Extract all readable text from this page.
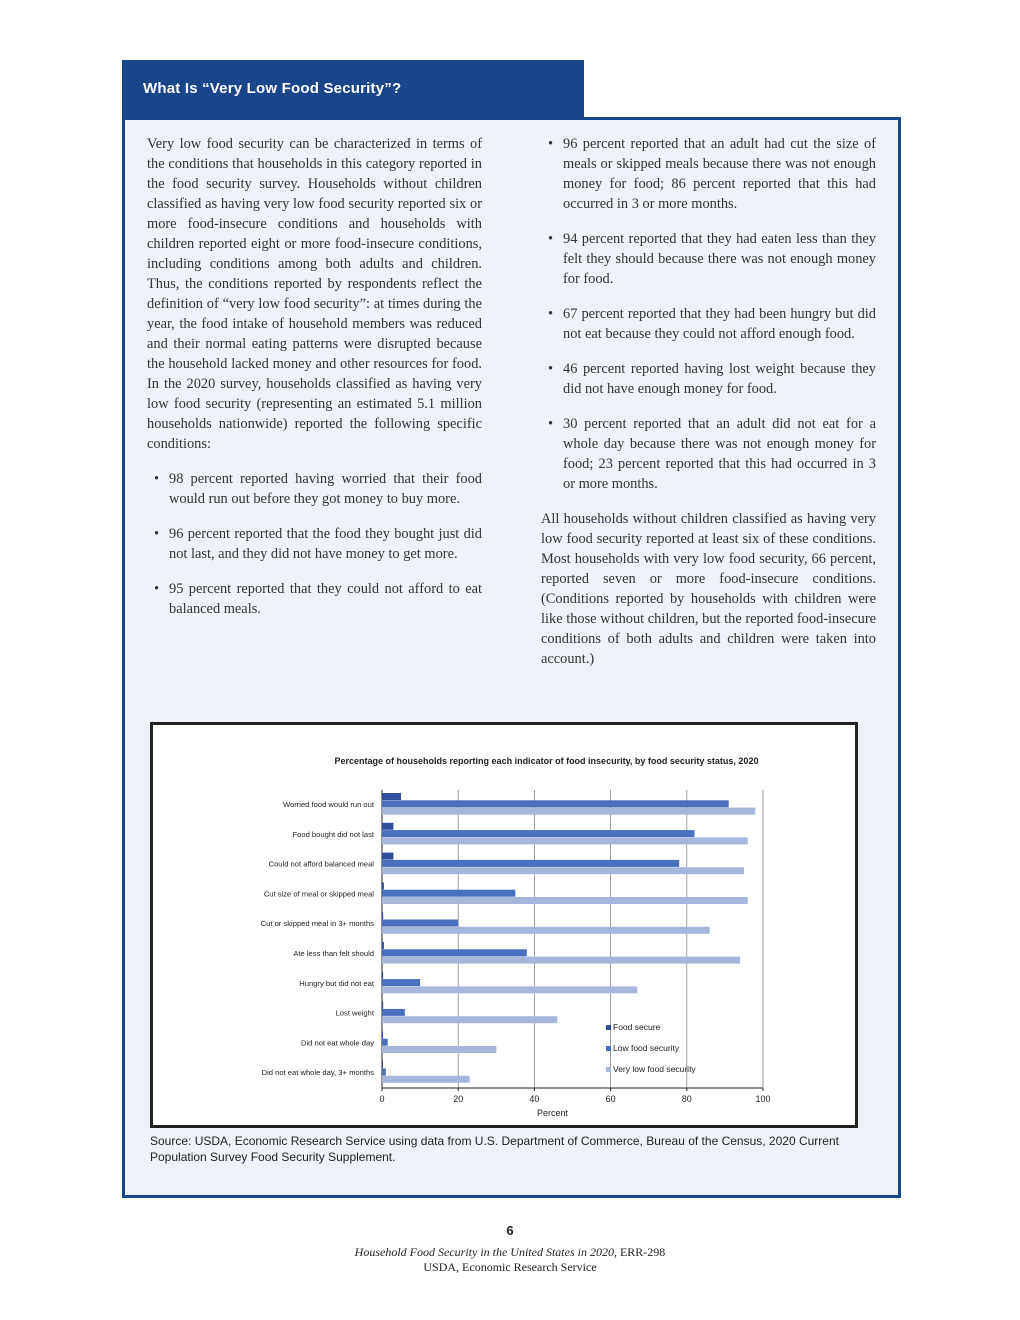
What Is “Very Low Food Security”?

Very low food security can be characterized in terms of the conditions that households in this category reported in the food security survey. Households without children classified as having very low food security reported six or more food-insecure conditions and households with children reported eight or more food-insecure conditions, including conditions among both adults and children. Thus, the conditions reported by respondents reflect the definition of “very low food security”: at times during the year, the food intake of household members was reduced and their normal eating patterns were disrupted because the household lacked money and other resources for food. In the 2020 survey, households classified as having very low food security (representing an estimated 5.1 million households nationwide) reported the following specific conditions:

• 98 percent reported having worried that their food would run out before they got money to buy more.
• 96 percent reported that the food they bought just did not last, and they did not have money to get more.
• 95 percent reported that they could not afford to eat balanced meals.
• 96 percent reported that an adult had cut the size of meals or skipped meals because there was not enough money for food; 86 percent reported that this had occurred in 3 or more months.
• 94 percent reported that they had eaten less than they felt they should because there was not enough money for food.
• 67 percent reported that they had been hungry but did not eat because they could not afford enough food.
• 46 percent reported having lost weight because they did not have enough money for food.
• 30 percent reported that an adult did not eat for a whole day because there was not enough money for food; 23 percent reported that this had occurred in 3 or more months.

All households without children classified as having very low food security reported at least six of these conditions. Most households with very low food security, 66 percent, reported seven or more food-insecure conditions. (Conditions reported by households with children were like those without children, but the reported food-insecure conditions of both adults and children were taken into account.)

Percentage of households reporting each indicator of food insecurity, by food security status, 2020
0	20	40	60	80	100
Percent
Worried food would run out
Food bought did not last
Could not afford balanced meal
Cut size of meal or skipped meal
Cut or skipped meal in 3+ months
Ate less than felt should
Hungry but did not eat
Lost weight
Did not eat whole day
Did not eat whole day, 3+ months
Food secure
Low food security
Very low food security
Source: USDA, Economic Research Service using data from U.S. Department of Commerce, Bureau of the Census, 2020 Current Population Survey Food Security Supplement.
6
Household Food Security in the United States in 2020, ERR-298
USDA, Economic Research Service
